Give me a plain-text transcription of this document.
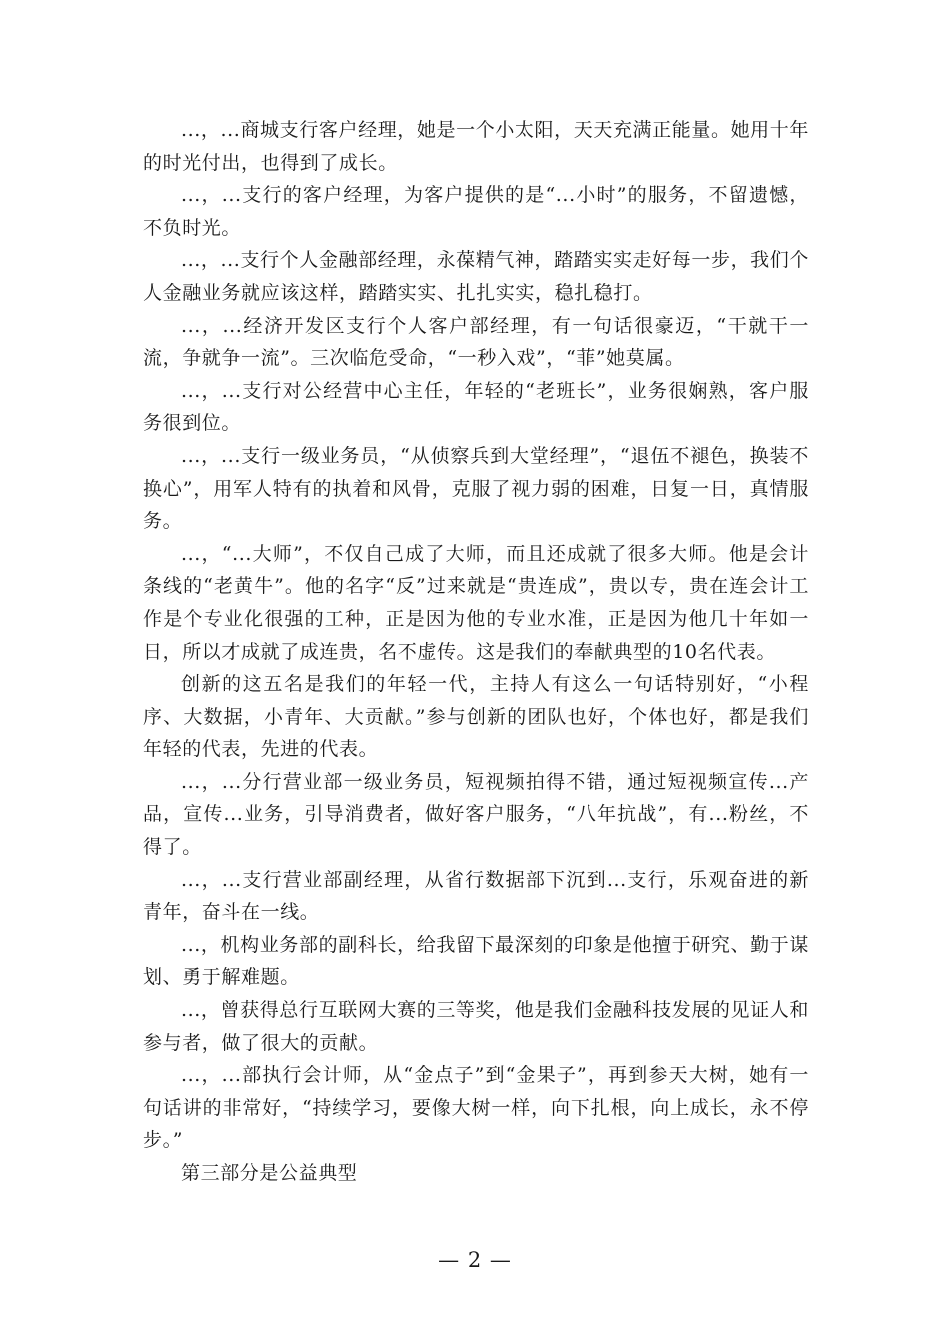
...，...商城支行客户经理，她是一个小太阳，天天充满正能量。她用十年的时光付出，也得到了成长。

...，...支行的客户经理，为客户提供的是“...小时”的服务，不留遗憾，不负时光。

...，...支行个人金融部经理，永葆精气神，踏踏实实走好每一步，我们个人金融业务就应该这样，踏踏实实、扎扎实实，稳扎稳打。

...，...经济开发区支行个人客户部经理，有一句话很豪迈，“干就干一流，争就争一流”。三次临危受命，“一秒入戏”，“菲”她莫属。

...，...支行对公经营中心主任，年轻的“老班长”，业务很娴熟，客户服务很到位。

...，...支行一级业务员，“从侦察兵到大堂经理”，“退伍不褪色，换装不换心”，用军人特有的执着和风骨，克服了视力弱的困难，日复一日，真情服务。

...，“...大师”，不仅自己成了大师，而且还成就了很多大师。他是会计条线的“老黄牛”。他的名字“反”过来就是“贵连成”，贵以专，贵在连会计工作是个专业化很强的工种，正是因为他的专业水准，正是因为他几十年如一日，所以才成就了成连贵，名不虚传。这是我们的奉献典型的10名代表。

创新的这五名是我们的年轻一代，主持人有这么一句话特别好，“小程序、大数据，小青年、大贡献。”参与创新的团队也好，个体也好，都是我们年轻的代表，先进的代表。

...，...分行营业部一级业务员，短视频拍得不错，通过短视频宣传...产品，宣传...业务，引导消费者，做好客户服务，“八年抗战”，有...粉丝，不得了。

...，...支行营业部副经理，从省行数据部下沉到...支行，乐观奋进的新青年，奋斗在一线。

...，机构业务部的副科长，给我留下最深刻的印象是他擅于研究、勤于谋划、勇于解难题。

...，曾获得总行互联网大赛的三等奖，他是我们金融科技发展的见证人和参与者，做了很大的贡献。

...，...部执行会计师，从“金点子”到“金果子”，再到参天大树，她有一句话讲的非常好，“持续学习，要像大树一样，向下扎根，向上成长，永不停步。”

第三部分是公益典型

— 2 —
